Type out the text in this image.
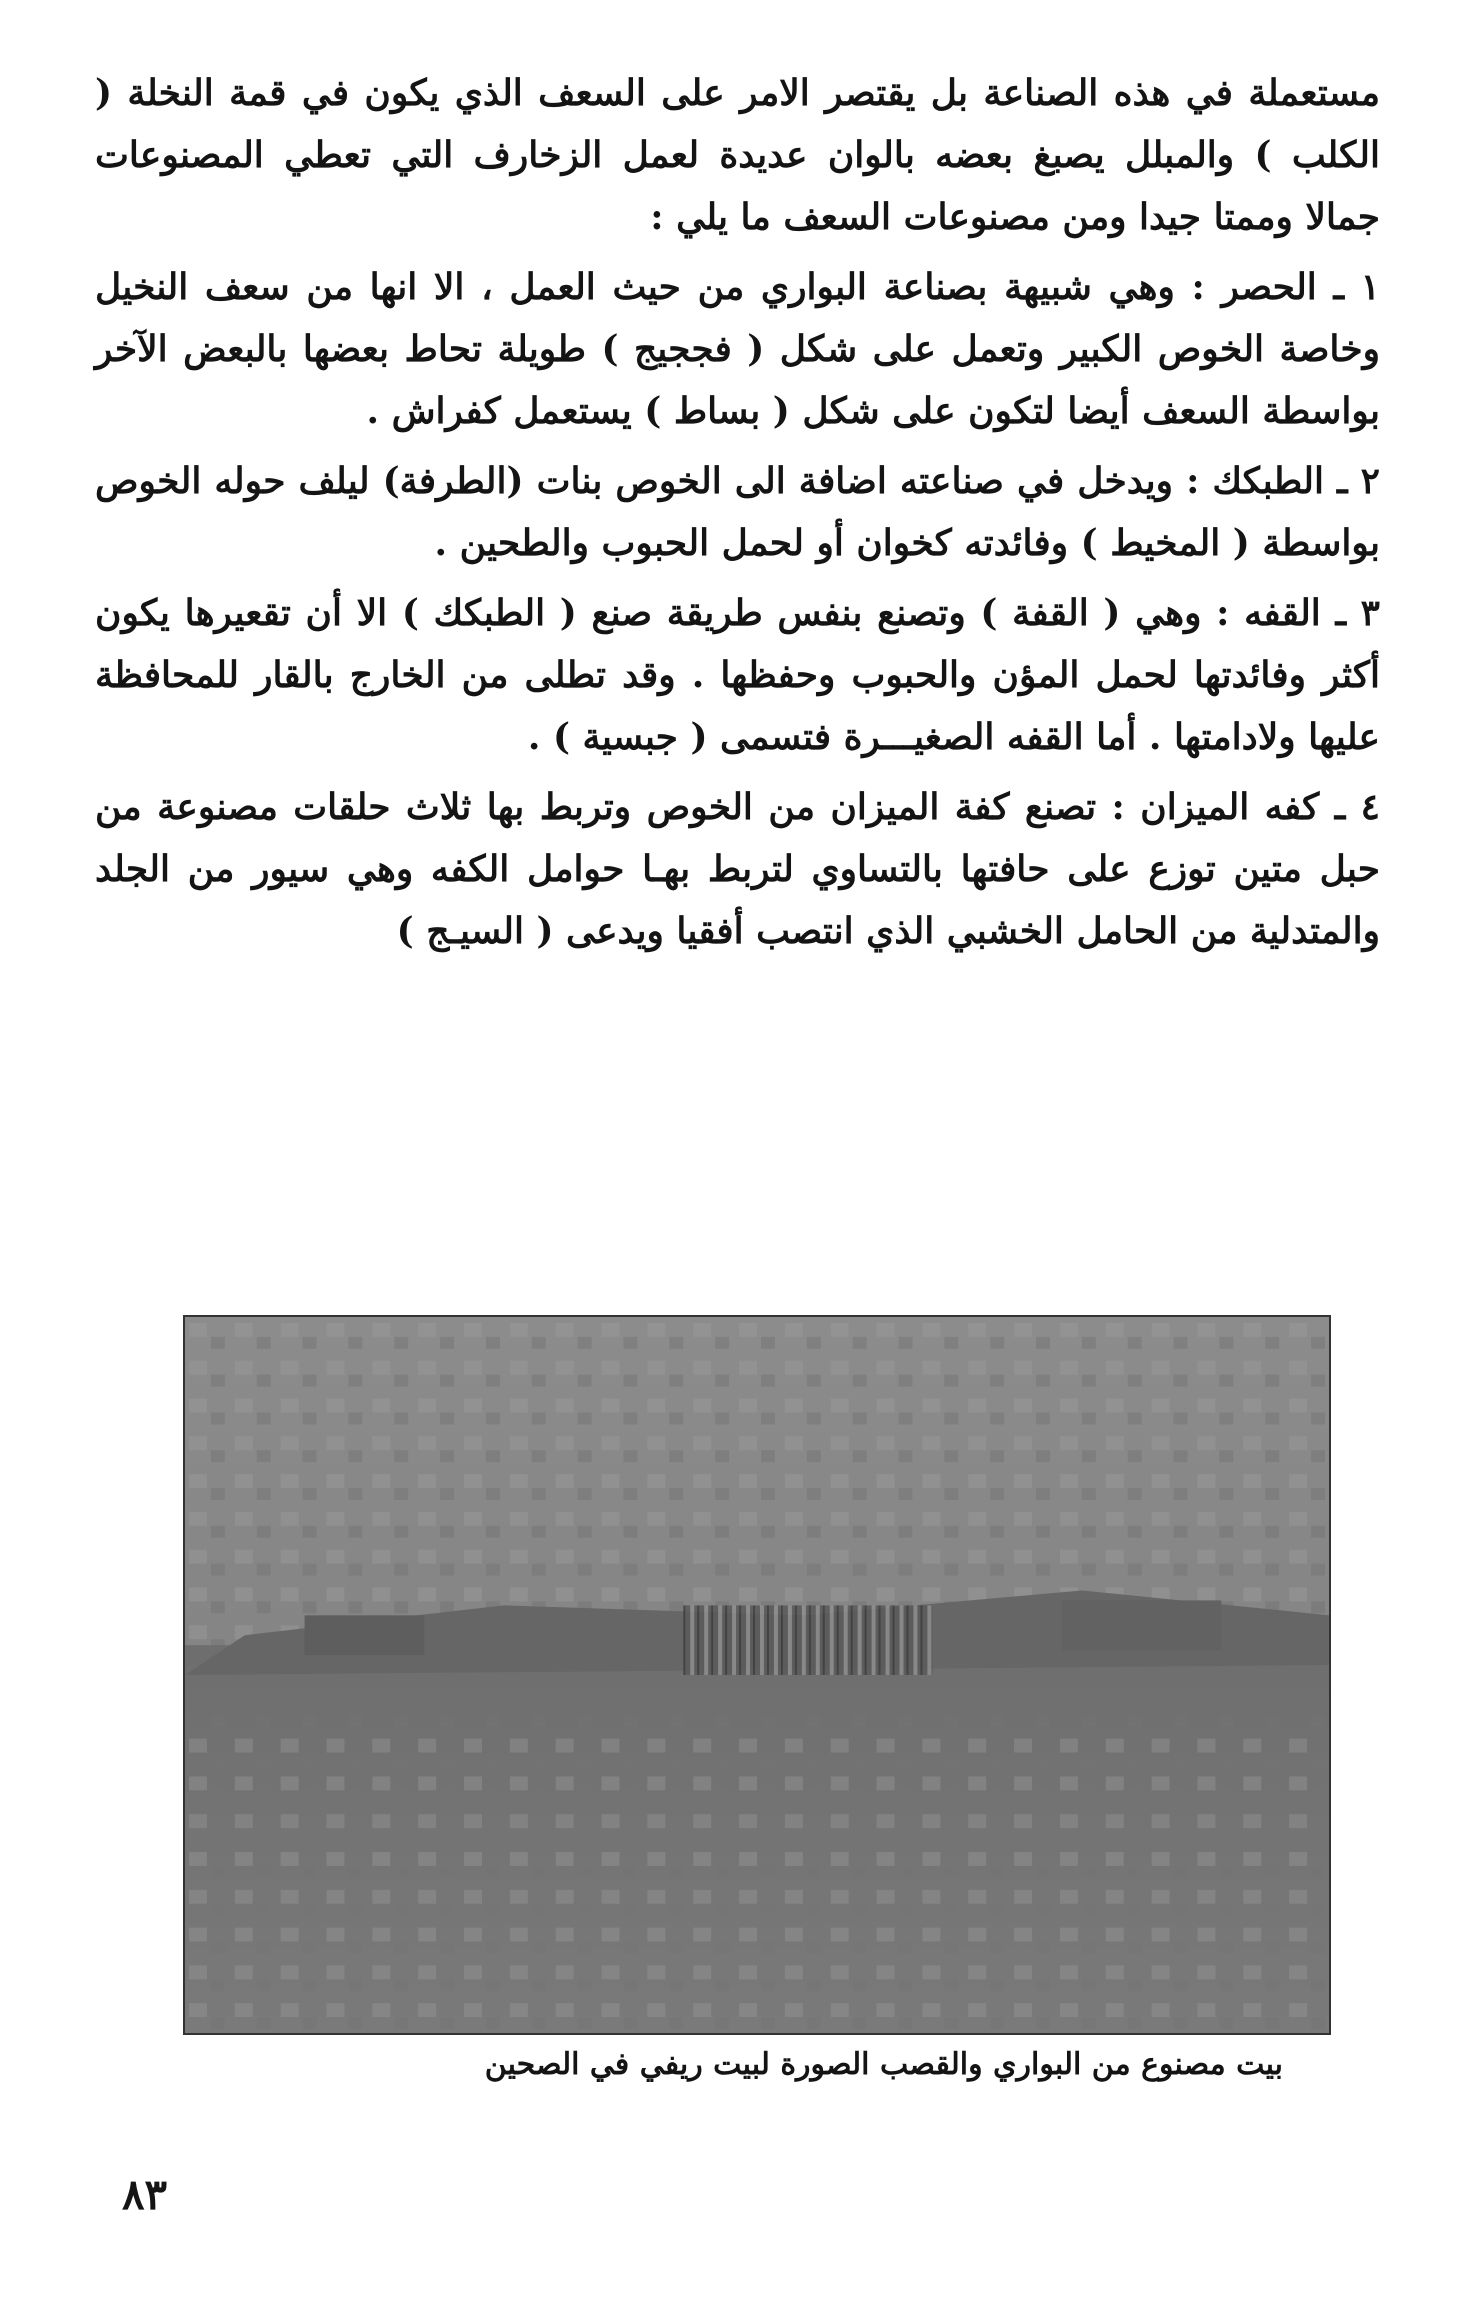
مستعملة في هذه الصناعة بل يقتصر الامر على السعف الذي يكون في قمة النخلة ( الكلب ) والمبلل يصبغ بعضه بالوان عديدة لعمل الزخارف التي تعطي المصنوعات جمالا وممتا جيدا ومن مصنوعات السعف ما يلي :

١ ـ الحصر : وهي شبيهة بصناعة البواري من حيث العمل ، الا انها من سعف النخيل وخاصة الخوص الكبير وتعمل على شكل ( فججيج ) طويلة تحاط بعضها بالبعض الآخر بواسطة السعف أيضا لتكون على شكل ( بساط ) يستعمل كفراش .

٢ ـ الطبكك : ويدخل في صناعته اضافة الى الخوص بنات (الطرفة) ليلف حوله الخوص بواسطة ( المخيط ) وفائدته كخوان أو لحمل الحبوب والطحين .

٣ ـ القفه : وهي ( القفة ) وتصنع بنفس طريقة صنع ( الطبكك ) الا أن تقعيرها يكون أكثر وفائدتها لحمل المؤن والحبوب وحفظها . وقد تطلى من الخارج بالقار للمحافظة عليها ولادامتها . أما القفه الصغيـــرة فتسمى ( جبسية ) .

٤ ـ كفه الميزان : تصنع كفة الميزان من الخوص وتربط بها ثلاث حلقات مصنوعة من حبل متين توزع على حافتها بالتساوي لتربط بهـا حوامل الكفه وهي سيور من الجلد والمتدلية من الحامل الخشبي الذي انتصب أفقيا ويدعى ( السيـج )

بيت مصنوع من البواري والقصب الصورة لبيت ريفي في الصحين
٨٣
